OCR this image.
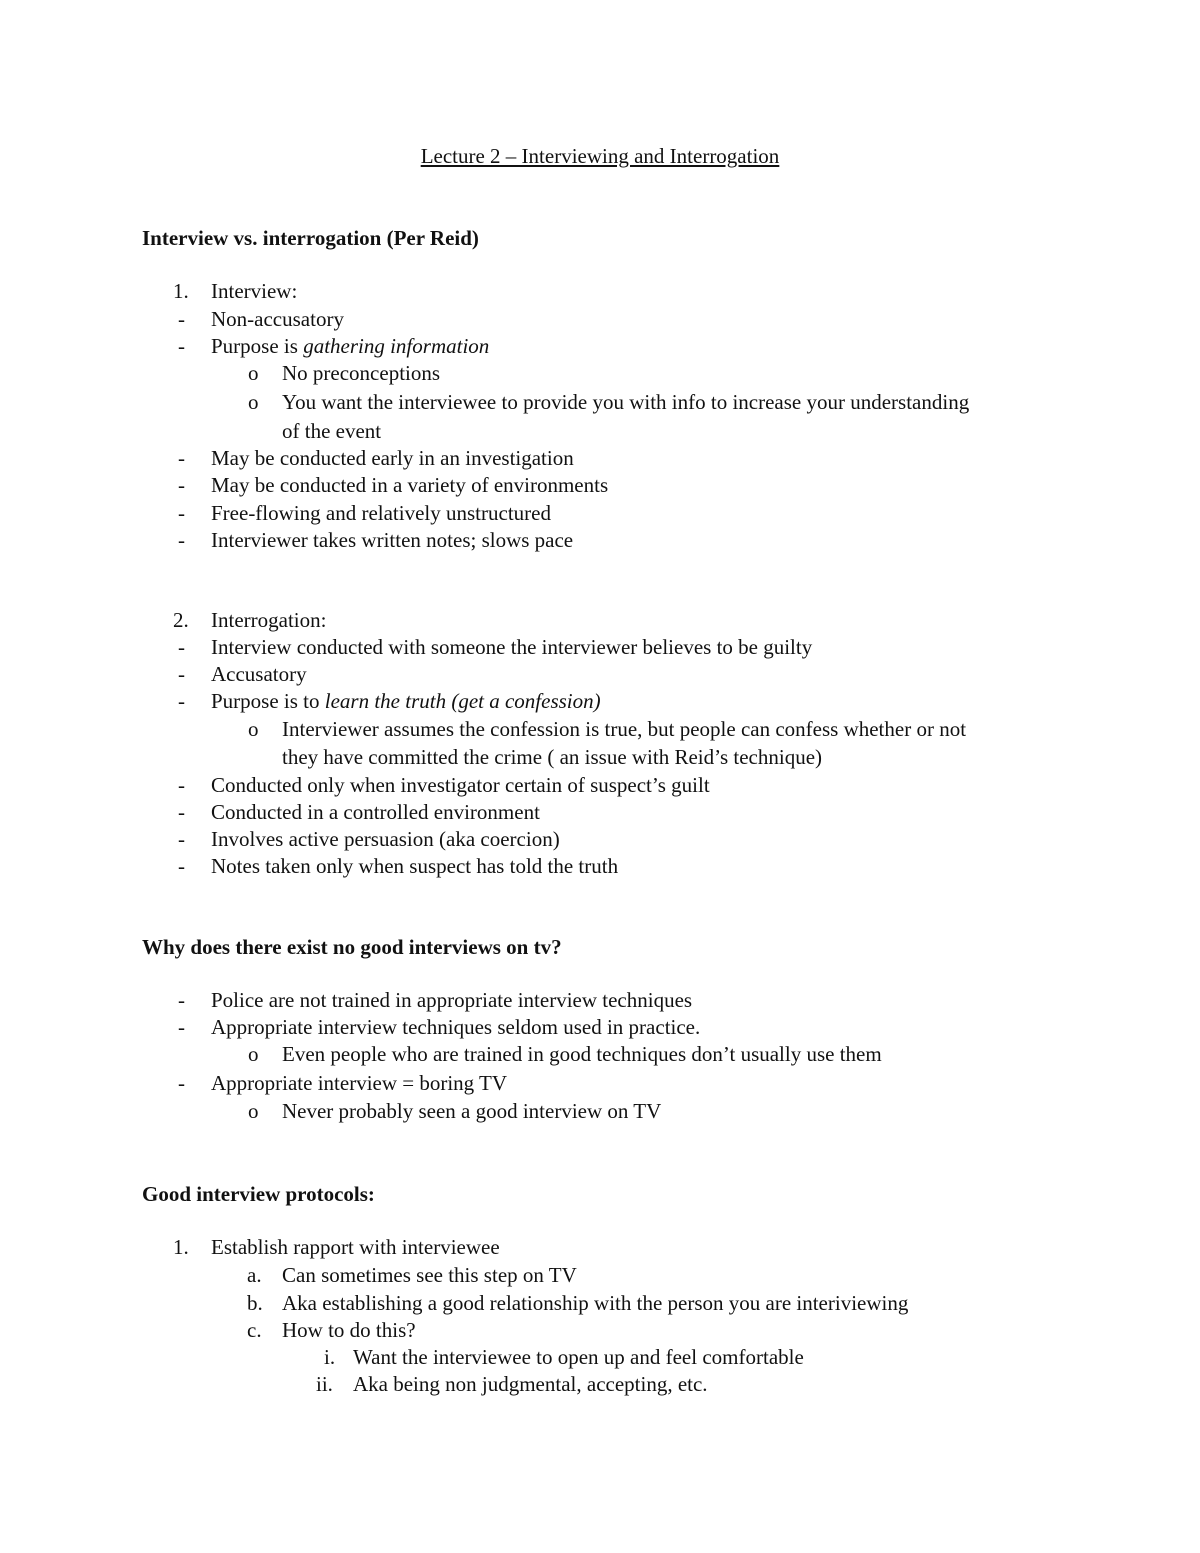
Lecture 2 – Interviewing and Interrogation
Interview vs. interrogation (Per Reid)
1. Interview:
- Non-accusatory
- Purpose is gathering information
o No preconceptions
o You want the interviewee to provide you with info to increase your understanding
of the event
- May be conducted early in an investigation
- May be conducted in a variety of environments
- Free-flowing and relatively unstructured
- Interviewer takes written notes; slows pace
2. Interrogation:
- Interview conducted with someone the interviewer believes to be guilty
- Accusatory
- Purpose is to learn the truth (get a confession)
o Interviewer assumes the confession is true, but people can confess whether or not
they have committed the crime ( an issue with Reid’s technique)
- Conducted only when investigator certain of suspect’s guilt
- Conducted in a controlled environment
- Involves active persuasion (aka coercion)
- Notes taken only when suspect has told the truth
Why does there exist no good interviews on tv?
- Police are not trained in appropriate interview techniques
- Appropriate interview techniques seldom used in practice.
o Even people who are trained in good techniques don’t usually use them
- Appropriate interview = boring TV
o Never probably seen a good interview on TV
Good interview protocols:
1. Establish rapport with interviewee
a. Can sometimes see this step on TV
b. Aka establishing a good relationship with the person you are interiviewing
c. How to do this?
i. Want the interviewee to open up and feel comfortable
ii. Aka being non judgmental, accepting, etc.
